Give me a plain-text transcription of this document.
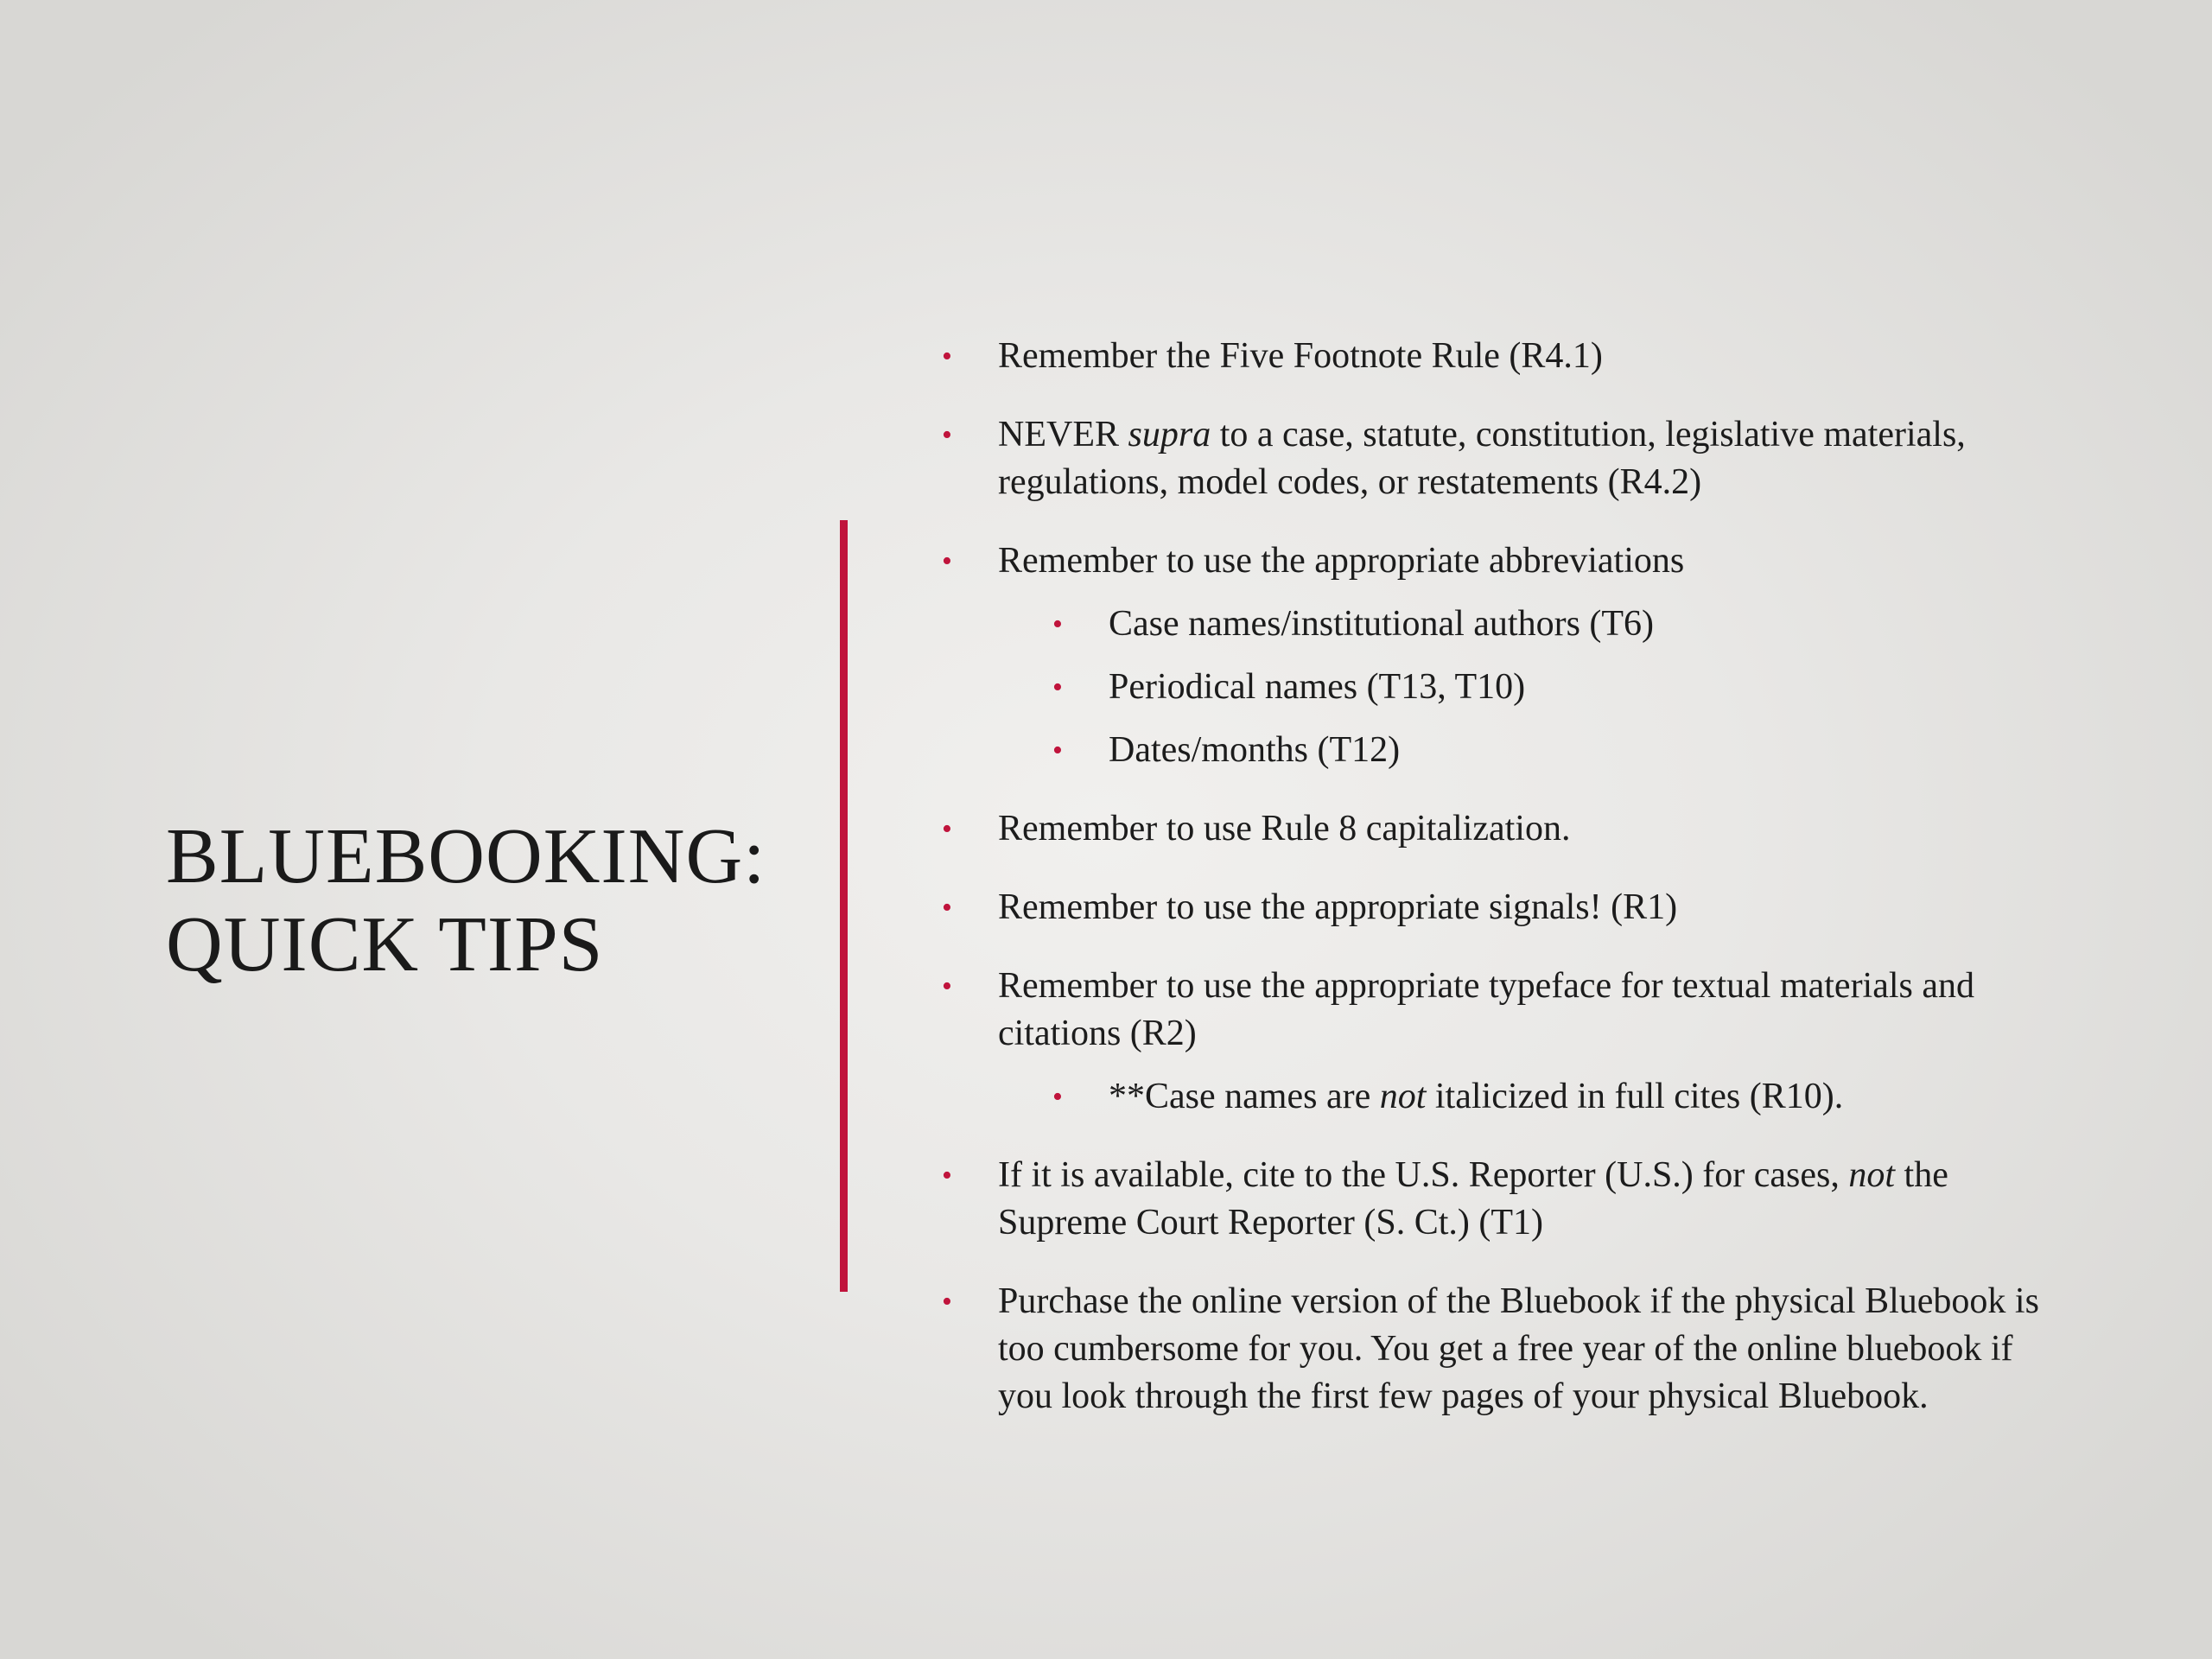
BLUEBOOKING:
QUICK TIPS
• Remember the Five Footnote Rule (R4.1)
• NEVER supra to a case, statute, constitution, legislative materials, regulations, model codes, or restatements (R4.2)
• Remember to use the appropriate abbreviations
• Case names/institutional authors (T6)
• Periodical names (T13, T10)
• Dates/months (T12)
• Remember to use Rule 8 capitalization.
• Remember to use the appropriate signals! (R1)
• Remember to use the appropriate typeface for textual materials and citations (R2)
• **Case names are not italicized in full cites (R10).
• If it is available, cite to the U.S. Reporter (U.S.) for cases, not the Supreme Court Reporter (S. Ct.) (T1)
• Purchase the online version of the Bluebook if the physical Bluebook is too cumbersome for you. You get a free year of the online bluebook if you look through the first few pages of your physical Bluebook.
